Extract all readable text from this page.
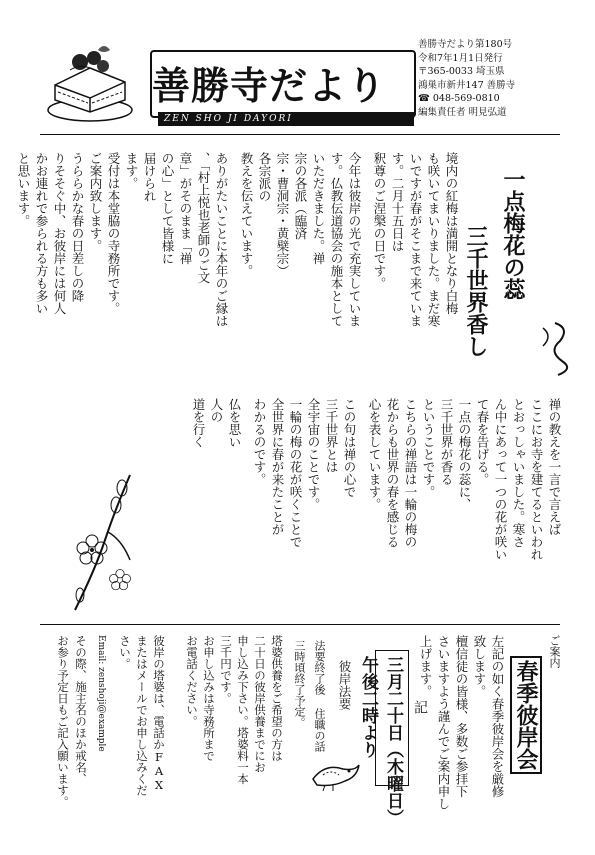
善勝寺だより
ZEN SHO JI DAYORI
善勝寺だより第180号
令和7年1月1日発行
〒365-0033 埼玉県
鴻巣市新井147 善勝寺
☎ 048-569-0810
編集責任者 明見弘道
一点梅花の蕊
三千世界香し
境内の紅梅は満開となり白梅
も咲いてまいりました。まだ寒
いですが春がそこまで来ていま
す。二月十五日は
釈尊のご涅槃の日です。
今年は彼岸の光で充実していま
す。仏教伝道協会の施本として
いただきました。禅
宗の各派（臨済
宗・曹洞宗・黄檗宗）
各宗派の
教えを伝えています。
ありがたいことに本年のご縁は
、「村上悦也老師のご文
章」がそのまま「禅
の心」として皆様に
届けられ
ます。
受付は本堂脇の寺務所です。
ご案内致します。
うららかな春の日差しの降
りそそぐ中、お彼岸には何人
かお連れで参られる方も多い
と思います。
禅の教えを一言で言えば
ここにお寺を建てるといわれ
とおっしゃいました。寒さ
ん中にあって一つの花が咲い
て春を告げる。
一点の梅花の蕊に、
三千世界が香る
ということです。
こちらの禅語は一輪の梅の
花からも世界の春を感じる
心を表しています。
この句は禅の心で
三千世界とは
全宇宙のことです。
一輪の梅の花が咲くことで
全世界に春が来たことが
わかるのです。
仏を思い
人の
道を行く
ご案内
春季彼岸会
左記の如く春季彼岸会を厳修
致します。
檀信徒の皆様、多数ご参拝下
さいますよう謹んでご案内申し
上げます。
記
三月二十日（木曜日）
午後二時より
彼岸法要
法要終了後 住職の話
三時頃終了予定。
塔婆供養をご希望の方は
二十日の彼岸供養までにお
申し込み下さい。塔婆料一本
三千円です。
お申し込みは寺務所まで
お電話ください。
彼岸の塔婆は、電話かFAX
またはメールでお申し込みくだ
さい。
Email: zenshoji@example
その際、施主名のほか戒名、
お参り予定日もご記入願います。
